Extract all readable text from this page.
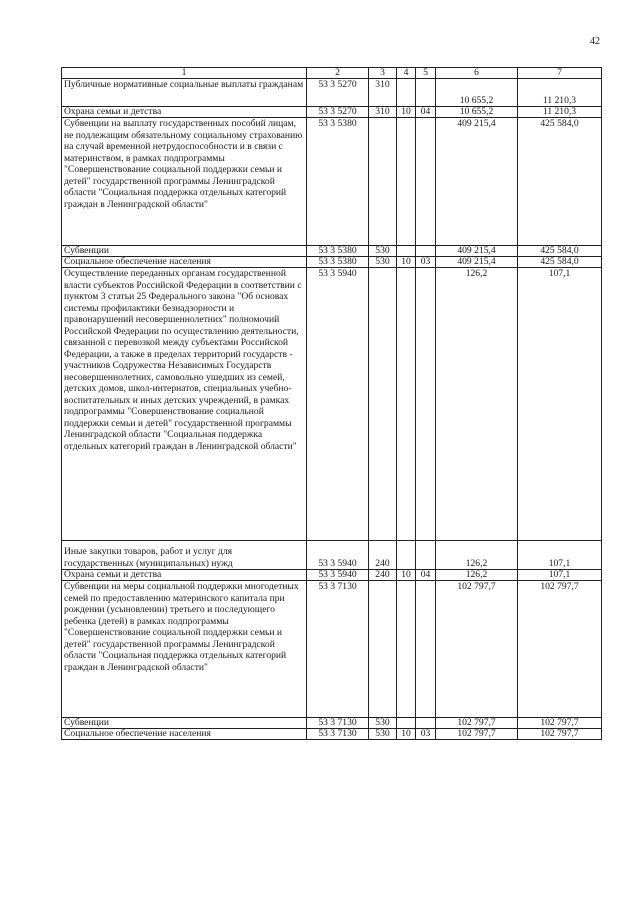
42
1	2	3	4	5	6	7
Публичные нормативные социальные выплаты гражданам	53 3 5270	310			10 655,2	11 210,3
Охрана семьи и детства	53 3 5270	310	10	04	10 655,2	11 210,3
Субвенции на выплату государственных пособий лицам, не подлежащим обязательному социальному страхованию на случай временной нетрудоспособности и в связи с материнством, в рамках подпрограммы "Совершенствование социальной поддержки семьи и детей" государственной программы Ленинградской области "Социальная поддержка отдельных категорий граждан в Ленинградской области"	53 3 5380				409 215,4	425 584,0
Субвенции	53 3 5380	530			409 215,4	425 584,0
Социальное обеспечение населения	53 3 5380	530	10	03	409 215,4	425 584,0
Осуществление переданных органам государственной власти субъектов Российской Федерации в соответствии с пунктом 3 статьи 25 Федерального закона "Об основах системы профилактики безнадзорности и правонарушений несовершеннолетних" полномочий Российской Федерации по осуществлению деятельности, связанной с перевозкой между субъектами Российской Федерации, а также в пределах территорий государств - участников Содружества Независимых Государств несовершеннолетних, самовольно ушедших из семей, детских домов, школ-интернатов, специальных учебно-воспитательных и иных детских учреждений, в рамках подпрограммы "Совершенствование социальной поддержки семьи и детей" государственной программы Ленинградской области "Социальная поддержка отдельных категорий граждан в Ленинградской области"	53 3 5940				126,2	107,1
Иные закупки товаров, работ и услуг для государственных (муниципальных) нужд	53 3 5940	240			126,2	107,1
Охрана семьи и детства	53 3 5940	240	10	04	126,2	107,1
Субвенции на меры социальной поддержки многодетных семей по предоставлению материнского капитала при рождении (усыновлении) третьего и последующего ребенка (детей) в рамках подпрограммы "Совершенствование социальной поддержки семьи и детей" государственной программы Ленинградской области "Социальная поддержка отдельных категорий граждан в Ленинградской области"	53 3 7130				102 797,7	102 797,7
Субвенции	53 3 7130	530			102 797,7	102 797,7
Социальное обеспечение населения	53 3 7130	530	10	03	102 797,7	102 797,7
